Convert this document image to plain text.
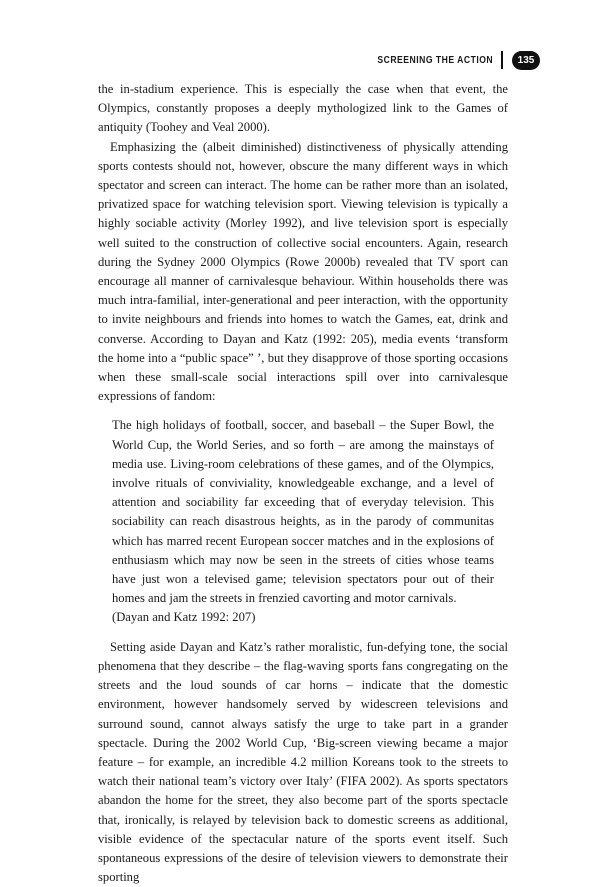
SCREENING THE ACTION	135

the in-stadium experience. This is especially the case when that event, the Olympics, constantly proposes a deeply mythologized link to the Games of antiquity (Toohey and Veal 2000).

Emphasizing the (albeit diminished) distinctiveness of physically attending sports contests should not, however, obscure the many different ways in which spectator and screen can interact. The home can be rather more than an isolated, privatized space for watching television sport. Viewing television is typically a highly sociable activity (Morley 1992), and live television sport is especially well suited to the construction of collective social encounters. Again, research during the Sydney 2000 Olympics (Rowe 2000b) revealed that TV sport can encourage all manner of carnivalesque behaviour. Within households there was much intra-familial, inter-generational and peer interaction, with the opportunity to invite neighbours and friends into homes to watch the Games, eat, drink and converse. According to Dayan and Katz (1992: 205), media events ‘transform the home into a “public space” ’, but they disapprove of those sporting occasions when these small-scale social interactions spill over into carnivalesque expressions of fandom:

The high holidays of football, soccer, and baseball – the Super Bowl, the World Cup, the World Series, and so forth – are among the mainstays of media use. Living-room celebrations of these games, and of the Olympics, involve rituals of conviviality, knowledgeable exchange, and a level of attention and sociability far exceeding that of everyday television. This sociability can reach disastrous heights, as in the parody of communitas which has marred recent European soccer matches and in the explosions of enthusiasm which may now be seen in the streets of cities whose teams have just won a televised game; television spectators pour out of their homes and jam the streets in frenzied cavorting and motor carnivals.

(Dayan and Katz 1992: 207)

Setting aside Dayan and Katz’s rather moralistic, fun-defying tone, the social phenomena that they describe – the flag-waving sports fans congregating on the streets and the loud sounds of car horns – indicate that the domestic environment, however handsomely served by widescreen televisions and surround sound, cannot always satisfy the urge to take part in a grander spectacle. During the 2002 World Cup, ‘Big-screen viewing became a major feature – for example, an incredible 4.2 million Koreans took to the streets to watch their national team’s victory over Italy’ (FIFA 2002). As sports spectators abandon the home for the street, they also become part of the sports spectacle that, ironically, is relayed by television back to domestic screens as additional, visible evidence of the spectacular nature of the sports event itself. Such spontaneous expressions of the desire of television viewers to demonstrate their sporting
